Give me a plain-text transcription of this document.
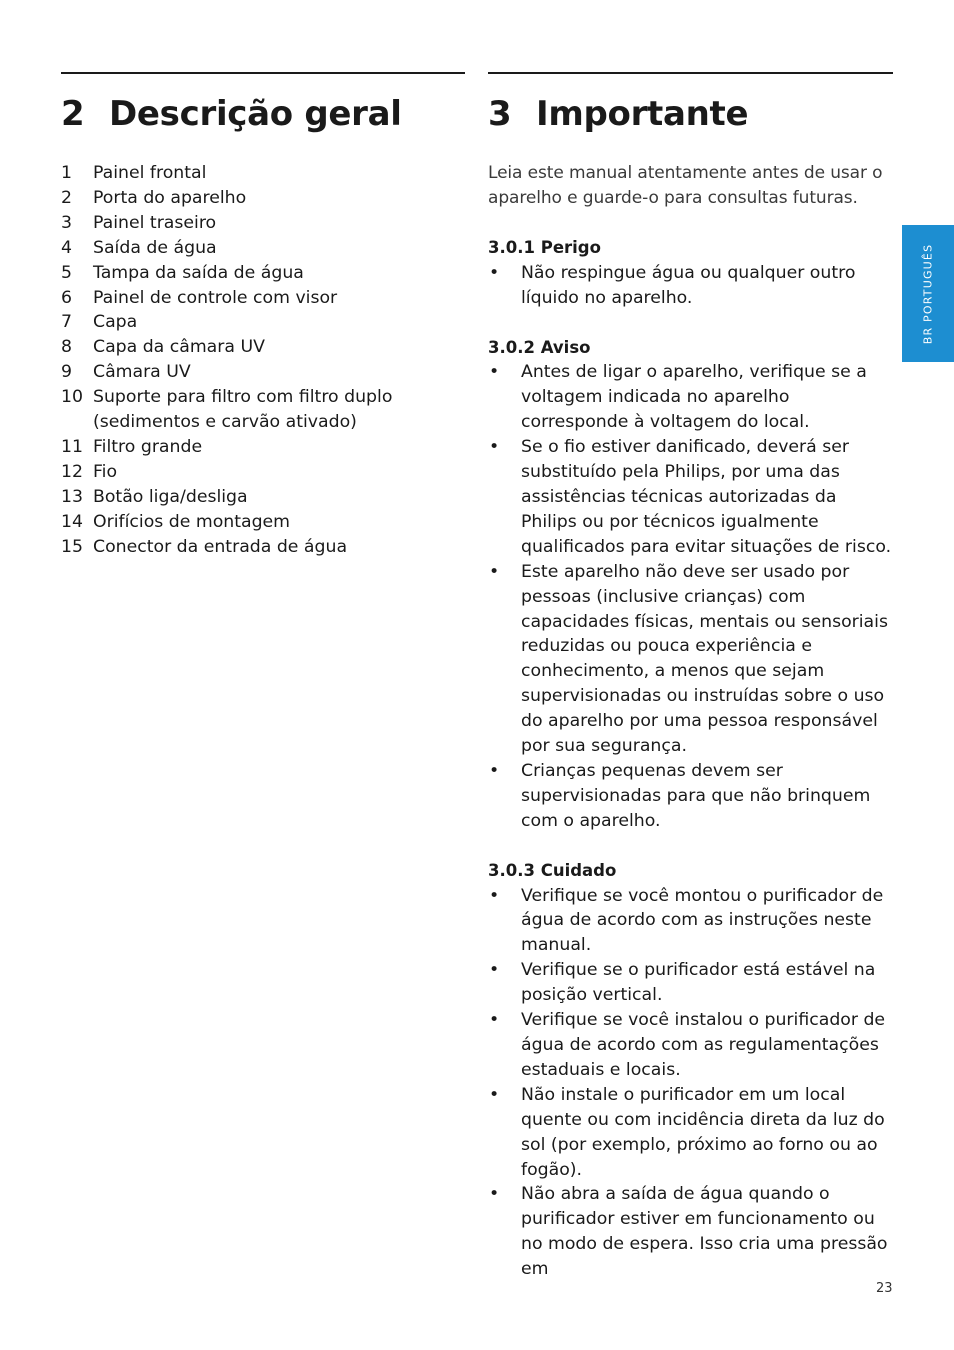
2 Descrição geral
1	Painel frontal
2	Porta do aparelho
3	Painel traseiro
4	Saída de água
5	Tampa da saída de água
6	Painel de controle com visor
7	Capa
8	Capa da câmara UV
9	Câmara UV
10 Suporte para filtro com filtro duplo (sedimentos e carvão ativado)
11 Filtro grande
12 Fio
13 Botão liga/desliga
14 Orifícios de montagem
15 Conector da entrada de água
3 Importante

Leia este manual atentamente antes de usar o aparelho e guarde-o para consultas futuras.

3.0.1 Perigo
•	Não respingue água ou qualquer outro líquido no aparelho.
3.0.2 Aviso
•	Antes de ligar o aparelho, verifique se a voltagem indicada no aparelho corresponde à voltagem do local.
•	Se o fio estiver danificado, deverá ser substituído pela Philips, por uma das assistências técnicas autorizadas da Philips ou por técnicos igualmente qualificados para evitar situações de risco.
•	Este aparelho não deve ser usado por pessoas (inclusive crianças) com capacidades físicas, mentais ou sensoriais reduzidas ou pouca experiência e conhecimento, a menos que sejam supervisionadas ou instruídas sobre o uso do aparelho por uma pessoa responsável por sua segurança.
•	Crianças pequenas devem ser supervisionadas para que não brinquem com o aparelho.
3.0.3 Cuidado
•	Verifique se você montou o purificador de água de acordo com as instruções neste manual.
•	Verifique se o purificador está estável na posição vertical.
•	Verifique se você instalou o purificador de água de acordo com as regulamentações estaduais e locais.
•	Não instale o purificador em um local quente ou com incidência direta da luz do sol (por exemplo, próximo ao forno ou ao fogão).
•	Não abra a saída de água quando o purificador estiver em funcionamento ou no modo de espera. Isso cria uma pressão em
BR PORTUGUÊS
23
